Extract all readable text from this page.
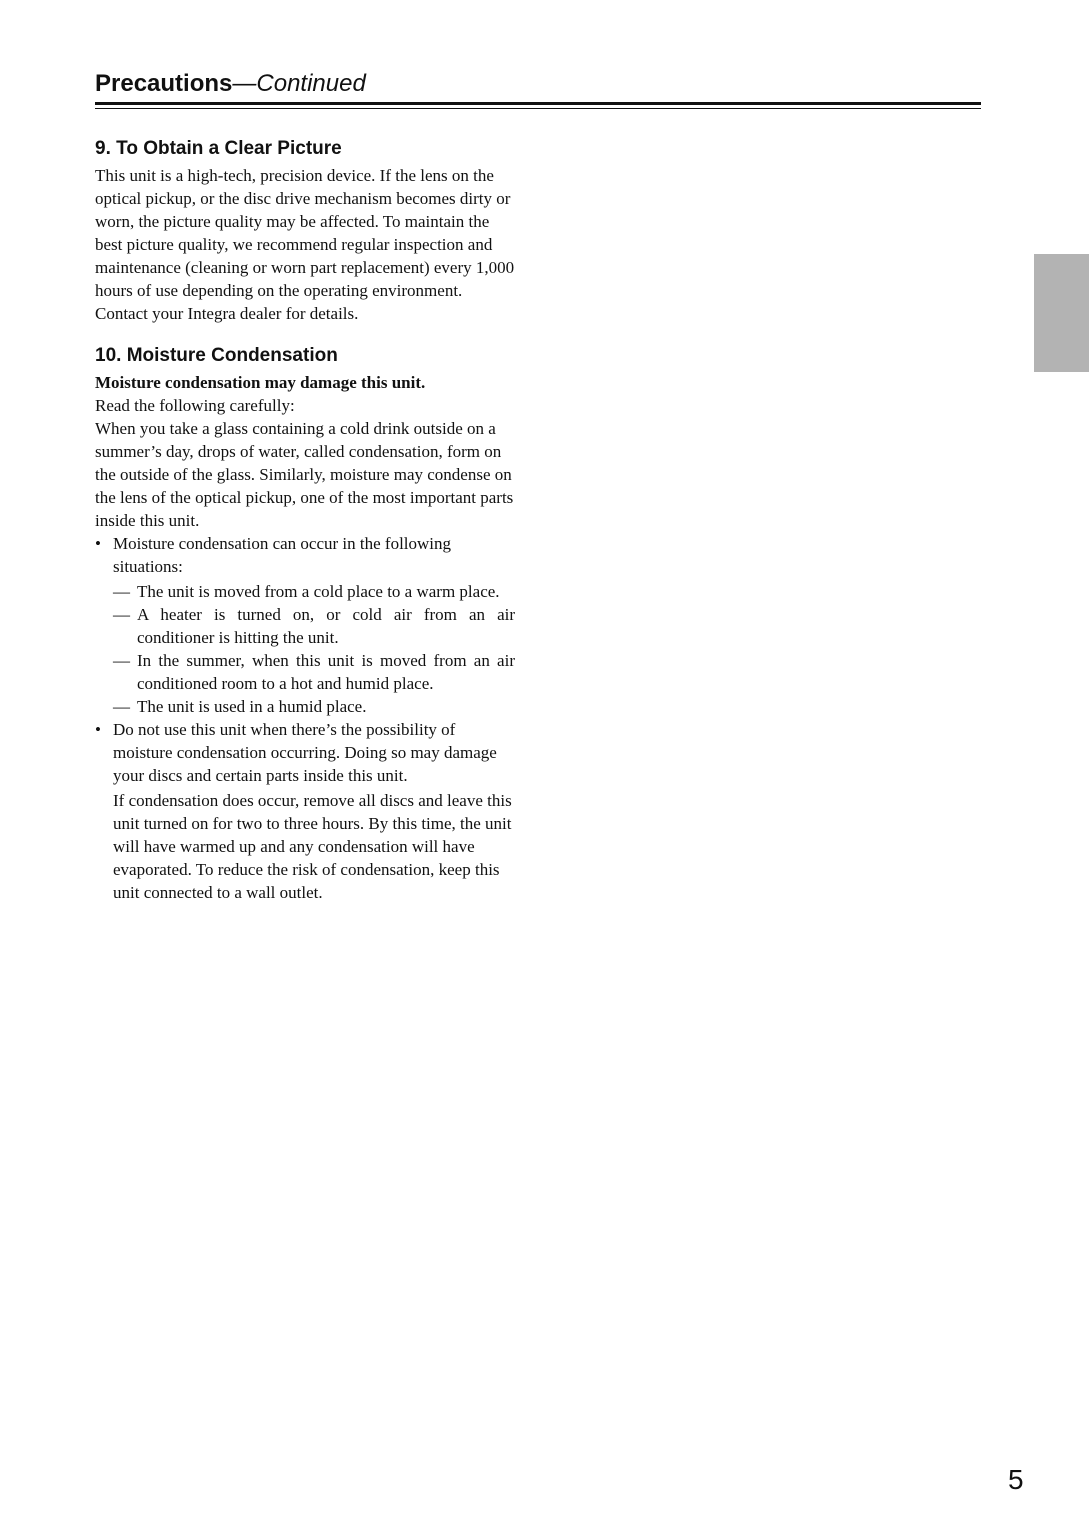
Precautions—Continued
9. To Obtain a Clear Picture

This unit is a high-tech, precision device. If the lens on the optical pickup, or the disc drive mechanism becomes dirty or worn, the picture quality may be affected. To maintain the best picture quality, we recommend regular inspection and maintenance (cleaning or worn part replacement) every 1,000 hours of use depending on the operating environment. Contact your Integra dealer for details.

10. Moisture Condensation

Moisture condensation may damage this unit.

Read the following carefully:

When you take a glass containing a cold drink outside on a summer’s day, drops of water, called condensation, form on the outside of the glass. Similarly, moisture may condense on the lens of the optical pickup, one of the most important parts inside this unit.

• Moisture condensation can occur in the following situations:
— The unit is moved from a cold place to a warm place.
— A heater is turned on, or cold air from an air conditioner is hitting the unit.
— In the summer, when this unit is moved from an air conditioned room to a hot and humid place.
— The unit is used in a humid place.
• Do not use this unit when there’s the possibility of moisture condensation occurring. Doing so may damage your discs and certain parts inside this unit.
If condensation does occur, remove all discs and leave this unit turned on for two to three hours. By this time, the unit will have warmed up and any condensation will have evaporated. To reduce the risk of condensation, keep this unit connected to a wall outlet.
5
